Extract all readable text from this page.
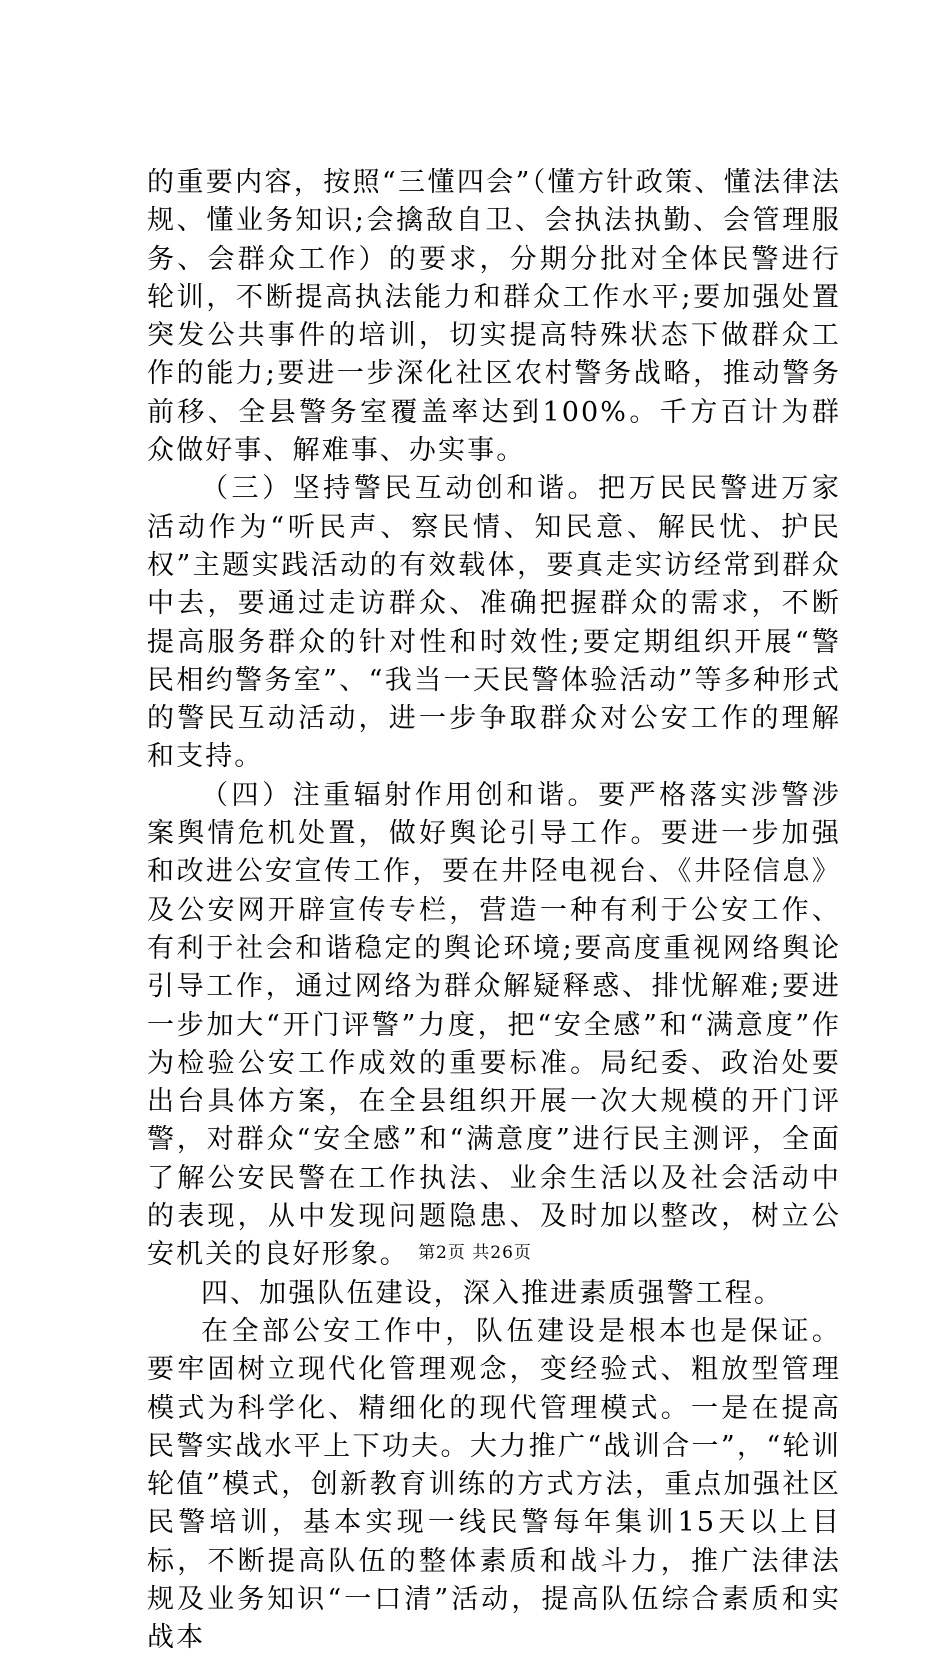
的重要内容，按照“三懂四会”（懂方针政策、懂法律法规、懂业务知识;会擒敌自卫、会执法执勤、会管理服务、会群众工作）的要求，分期分批对全体民警进行轮训，不断提高执法能力和群众工作水平;要加强处置突发公共事件的培训，切实提高特殊状态下做群众工作的能力;要进一步深化社区农村警务战略，推动警务前移、全县警务室覆盖率达到100%。千方百计为群众做好事、解难事、办实事。

（三）坚持警民互动创和谐。把万民民警进万家活动作为“听民声、察民情、知民意、解民忧、护民权”主题实践活动的有效载体，要真走实访经常到群众中去，要通过走访群众、准确把握群众的需求，不断提高服务群众的针对性和时效性;要定期组织开展“警民相约警务室”、“我当一天民警体验活动”等多种形式的警民互动活动，进一步争取群众对公安工作的理解和支持。

（四）注重辐射作用创和谐。要严格落实涉警涉案舆情危机处置，做好舆论引导工作。要进一步加强和改进公安宣传工作，要在井陉电视台、《井陉信息》及公安网开辟宣传专栏，营造一种有利于公安工作、有利于社会和谐稳定的舆论环境;要高度重视网络舆论引导工作，通过网络为群众解疑释惑、排忧解难;要进一步加大“开门评警”力度，把“安全感”和“满意度”作为检验公安工作成效的重要标准。局纪委、政治处要出台具体方案，在全县组织开展一次大规模的开门评警，对群众“安全感”和“满意度”进行民主测评，全面了解公安民警在工作执法、业余生活以及社会活动中的表现，从中发现问题隐患、及时加以整改，树立公安机关的良好形象。

四、加强队伍建设，深入推进素质强警工程。

在全部公安工作中，队伍建设是根本也是保证。要牢固树立现代化管理观念，变经验式、粗放型管理模式为科学化、精细化的现代管理模式。一是在提高民警实战水平上下功夫。大力推广“战训合一”，“轮训轮值”模式，创新教育训练的方式方法，重点加强社区民警培训，基本实现一线民警每年集训15天以上目标，不断提高队伍的整体素质和战斗力，推广法律法规及业务知识“一口清”活动，提高队伍综合素质和实战本

第2页 共26页
